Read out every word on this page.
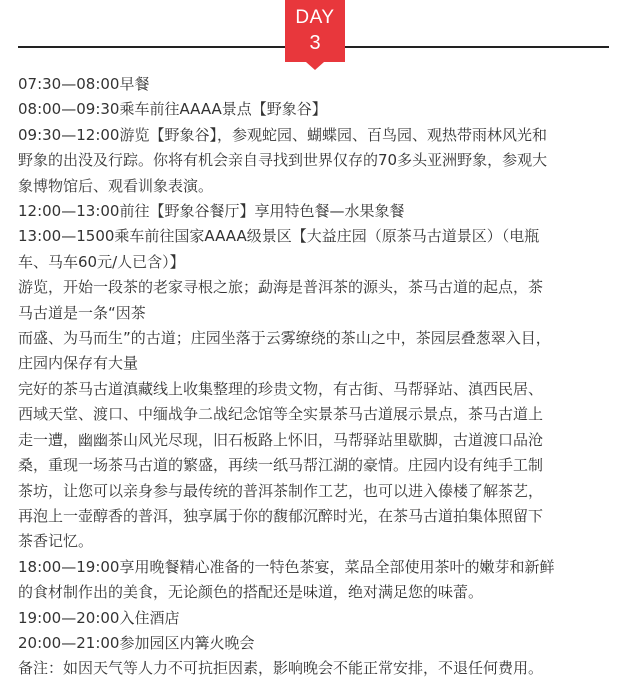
DAY
3

07:30—08:00早餐

08:00—09:30乘车前往AAAA景点【野象谷】

09:30—12:00游览【野象谷】，参观蛇园、蝴蝶园、百鸟园、观热带雨林风光和
野象的出没及行踪。你将有机会亲自寻找到世界仅存的70多头亚洲野象，参观大
象博物馆后、观看训象表演。

12:00—13:00前往【野象谷餐厅】享用特色餐—水果象餐

13:00—1500乘车前往国家AAAA级景区【大益庄园（原茶马古道景区）（电瓶
车、马车60元/人已含）】

游览，开始一段茶的老家寻根之旅；勐海是普洱茶的源头，茶马古道的起点，茶
马古道是一条“因茶
而盛、为马而生”的古道；庄园坐落于云雾缭绕的茶山之中，茶园层叠葱翠入目，
庄园内保存有大量
完好的茶马古道滇藏线上收集整理的珍贵文物，有古街、马帮驿站、滇西民居、
西域天堂、渡口、中缅战争二战纪念馆等全实景茶马古道展示景点，茶马古道上
走一遭，幽幽茶山风光尽现，旧石板路上怀旧，马帮驿站里歇脚，古道渡口品沧
桑，重现一场茶马古道的繁盛，再续一纸马帮江湖的豪情。庄园内设有纯手工制
茶坊，让您可以亲身参与最传统的普洱茶制作工艺，也可以进入傣楼了解茶艺，
再泡上一壶醇香的普洱，独享属于你的馥郁沉醉时光，在茶马古道拍集体照留下
茶香记忆。

18:00—19:00享用晚餐精心准备的一特色茶宴，菜品全部使用茶叶的嫩芽和新鲜
的食材制作出的美食，无论颜色的搭配还是味道，绝对满足您的味蕾。

19:00—20:00入住酒店

20:00—21:00参加园区内篝火晚会

备注：如因天气等人力不可抗拒因素，影响晚会不能正常安排，不退任何费用。
